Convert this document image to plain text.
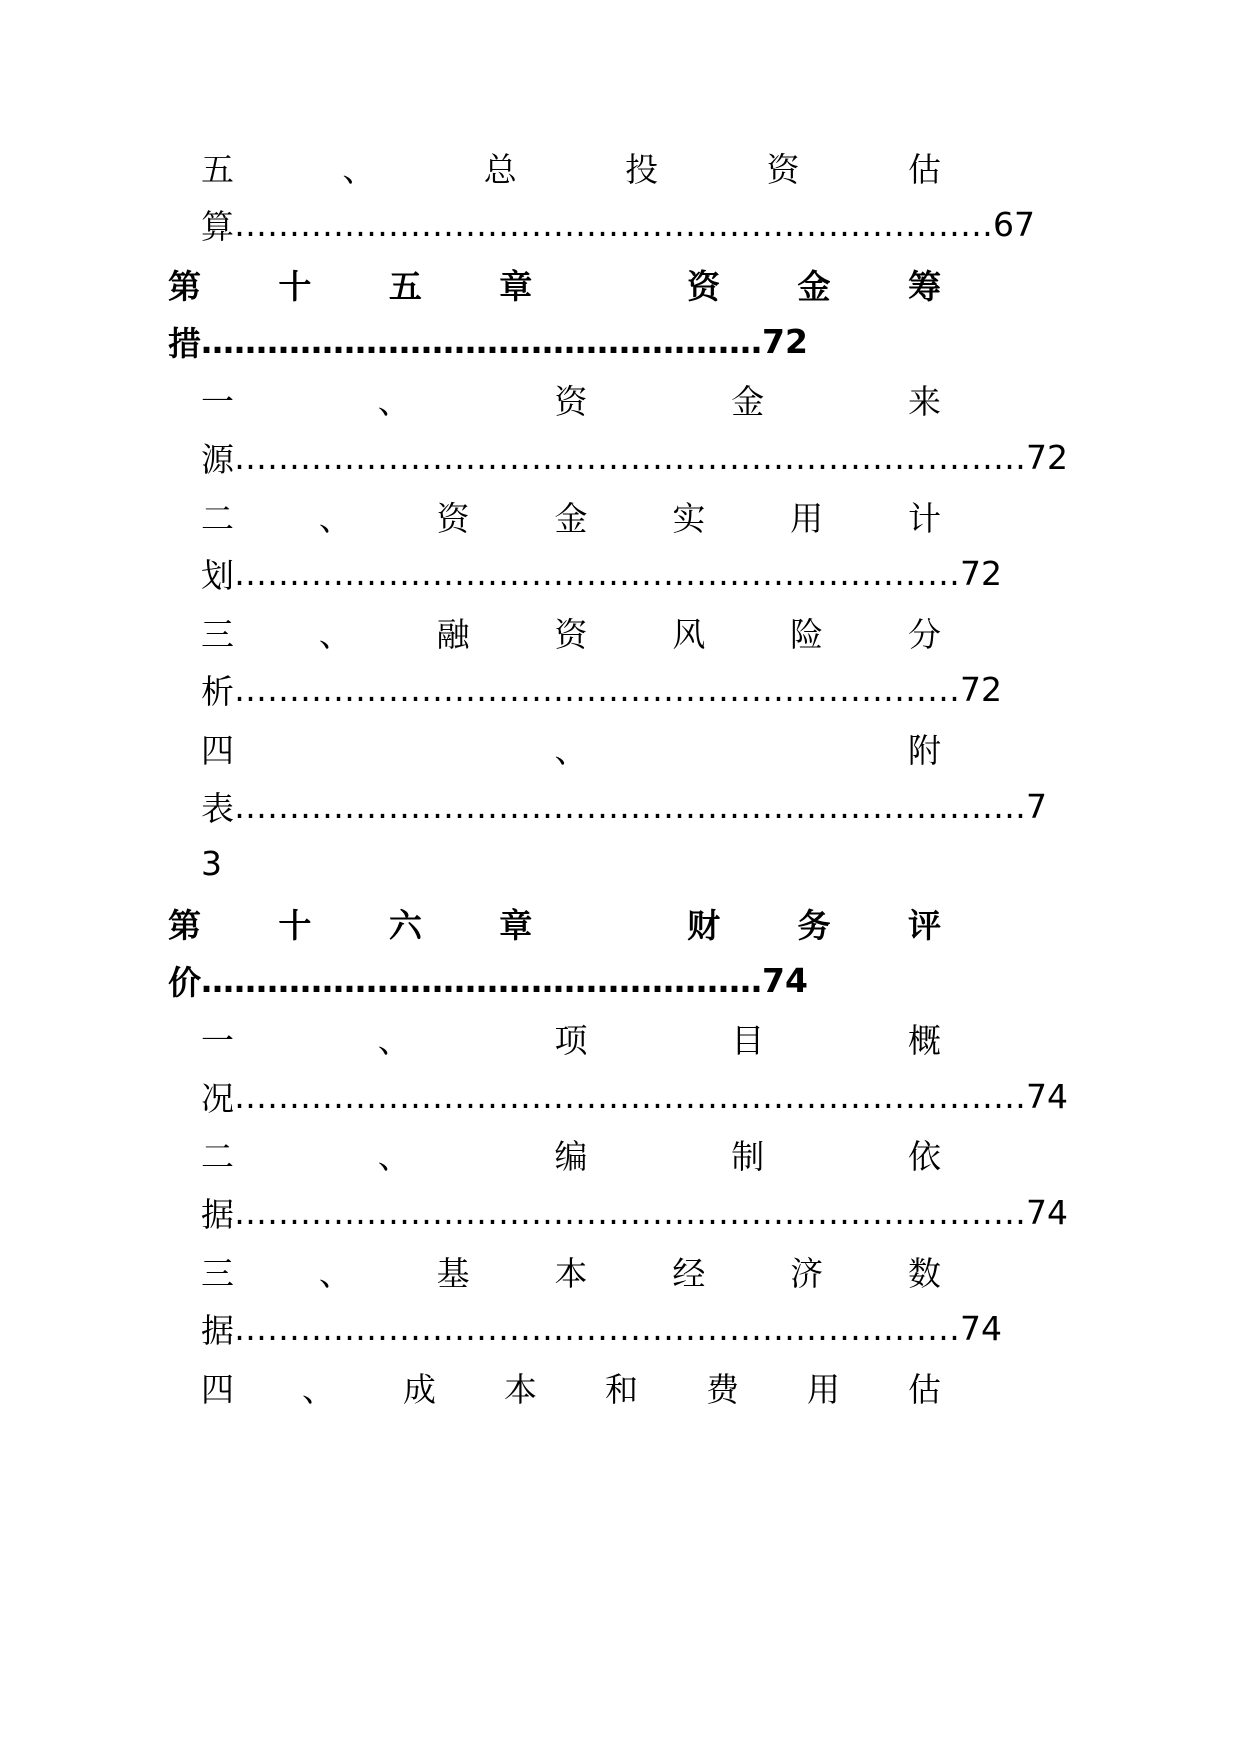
五	、	总	投	资	估
算 …………………………………………………………… 67
第 十 五 章	资 金 筹
措 …………………………………………… 72
一	、	资	金	来
源 ……………………………………………………………… 72
二	、	资	金	实	用	计
划 ………………………………………………………… 72
三	、	融	资	风	险	分
析 ………………………………………………………… 72
四	、	附
表 ……………………………………………………………… 7
3
第 十 六 章	财 务 评
价 …………………………………………… 74
一	、	项	目	概
况 ……………………………………………………………… 74
二	、	编	制	依
据 ……………………………………………………………… 74
三	、	基	本	经	济	数
据 ………………………………………………………… 74
四 、 成 本 和 费 用 估
